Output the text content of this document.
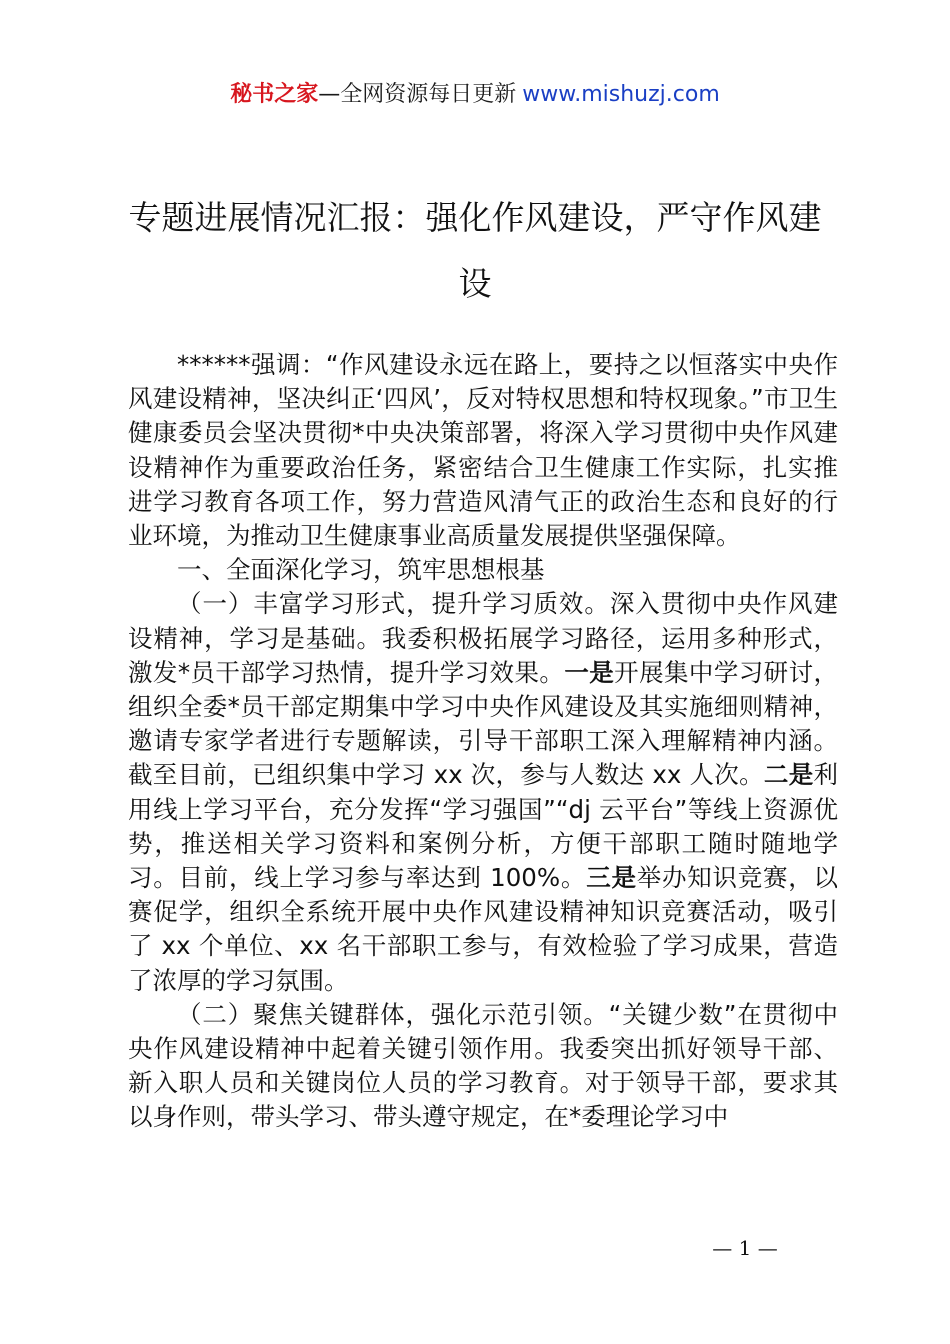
秘书之家—全网资源每日更新 www.mishuzj.com
专题进展情况汇报：强化作风建设，严守作风建设

******强调：“作风建设永远在路上，要持之以恒落实中央作风建设精神，坚决纠正‘四风’，反对特权思想和特权现象。”市卫生健康委员会坚决贯彻*中央决策部署，将深入学习贯彻中央作风建设精神作为重要政治任务，紧密结合卫生健康工作实际，扎实推进学习教育各项工作，努力营造风清气正的政治生态和良好的行业环境，为推动卫生健康事业高质量发展提供坚强保障。

一、全面深化学习，筑牢思想根基

（一）丰富学习形式，提升学习质效。深入贯彻中央作风建设精神，学习是基础。我委积极拓展学习路径，运用多种形式，激发*员干部学习热情，提升学习效果。一是开展集中学习研讨，组织全委*员干部定期集中学习中央作风建设及其实施细则精神，邀请专家学者进行专题解读，引导干部职工深入理解精神内涵。截至目前，已组织集中学习 xx 次，参与人数达 xx 人次。二是利用线上学习平台，充分发挥“学习强国”“dj 云平台”等线上资源优势，推送相关学习资料和案例分析，方便干部职工随时随地学习。目前，线上学习参与率达到 100%。三是举办知识竞赛，以赛促学，组织全系统开展中央作风建设精神知识竞赛活动，吸引了 xx 个单位、xx 名干部职工参与，有效检验了学习成果，营造了浓厚的学习氛围。

（二）聚焦关键群体，强化示范引领。“关键少数”在贯彻中央作风建设精神中起着关键引领作用。我委突出抓好领导干部、新入职人员和关键岗位人员的学习教育。对于领导干部，要求其以身作则，带头学习、带头遵守规定，在*委理论学习中

— 1 —
